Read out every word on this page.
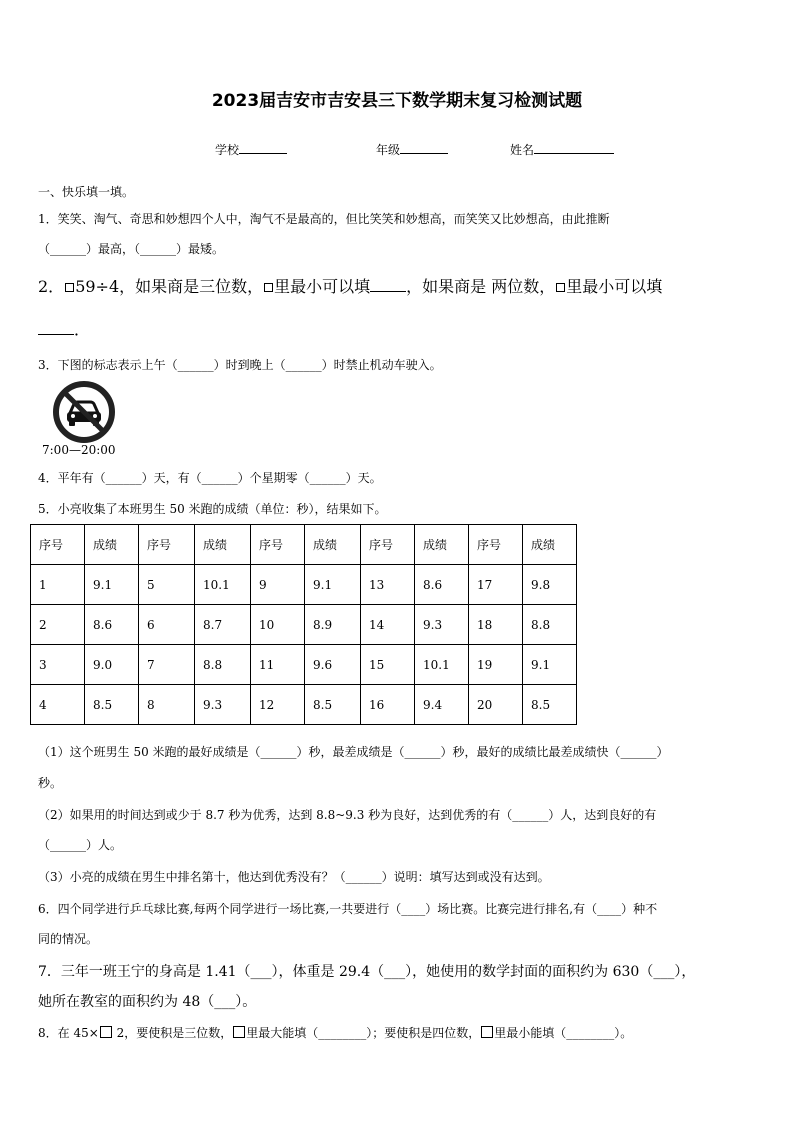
2023届吉安市吉安县三下数学期末复习检测试题
学校	年级	姓名
一、快乐填一填。
1．笑笑、淘气、奇思和妙想四个人中，淘气不是最高的，但比笑笑和妙想高，而笑笑又比妙想高，由此推断
（______）最高，（______）最矮。
2． 59÷4，如果商是三位数， 里最小可以填 ，如果商是 两位数， 里最小可以填
．
3．下图的标志表示上午（______）时到晚上（______）时禁止机动车驶入。
7:00—20:00
4．平年有（______）天，有（______）个星期零（______）天。
5．小亮收集了本班男生 50 米跑的成绩（单位：秒），结果如下。
序号	成绩	序号	成绩	序号	成绩	序号	成绩	序号	成绩
1	9.1	5	10.1	9	9.1	13	8.6	17	9.8
2	8.6	6	8.7	10	8.9	14	9.3	18	8.8
3	9.0	7	8.8	11	9.6	15	10.1	19	9.1
4	8.5	8	9.3	12	8.5	16	9.4	20	8.5
（1）这个班男生 50 米跑的最好成绩是（______）秒，最差成绩是（______）秒，最好的成绩比最差成绩快（______）
秒。
（2）如果用的时间达到或少于 8.7 秒为优秀，达到 8.8~9.3 秒为良好，达到优秀的有（______）人，达到良好的有
（______）人。
（3）小亮的成绩在男生中排名第十，他达到优秀没有？（______）说明：填写达到或没有达到。
6．四个同学进行乒乓球比赛,每两个同学进行一场比赛,一共要进行（____）场比赛。比赛完进行排名,有（____）种不
同的情况。
7．三年一班王宁的身高是 1.41（___），体重是 29.4（___），她使用的数学封面的面积约为 630（___），
她所在教室的面积约为 48（___）。
8．在 45× 2，要使积是三位数， 里最大能填（________）；要使积是四位数， 里最小能填（________）。
